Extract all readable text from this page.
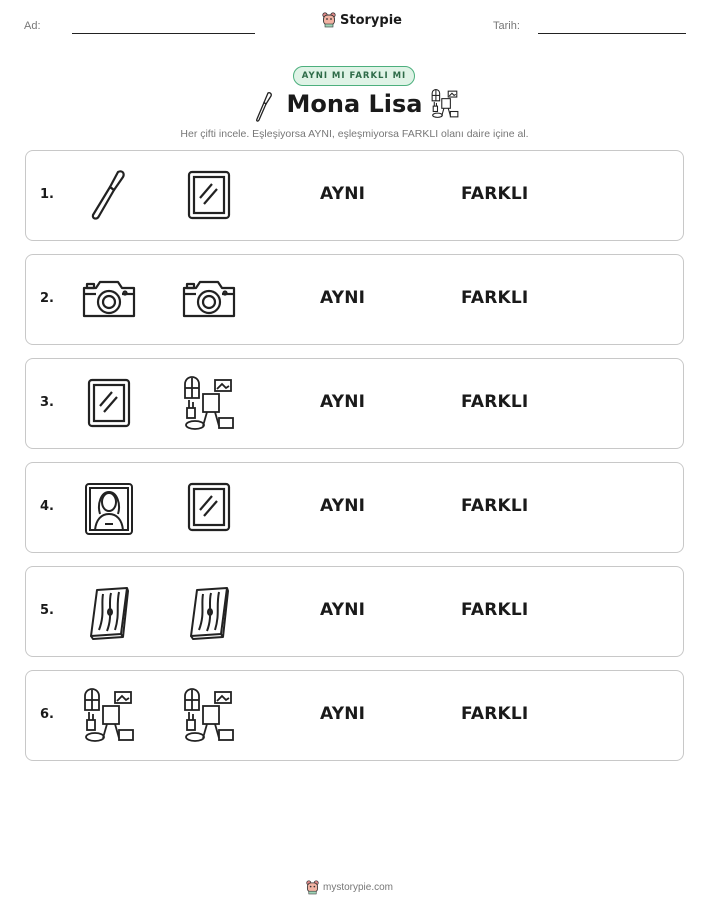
Ad:	Storypie	Tarih:
AYNI MI FARKLI MI
Mona Lisa
Her çifti incele. Eşleşiyorsa AYNI, eşleşmiyorsa FARKLI olanı daire içine al.
1.	AYNI	FARKLI
2.	AYNI	FARKLI
3.	AYNI	FARKLI
4.	AYNI	FARKLI
5.	AYNI	FARKLI
6.	AYNI	FARKLI
mystorypie.com
